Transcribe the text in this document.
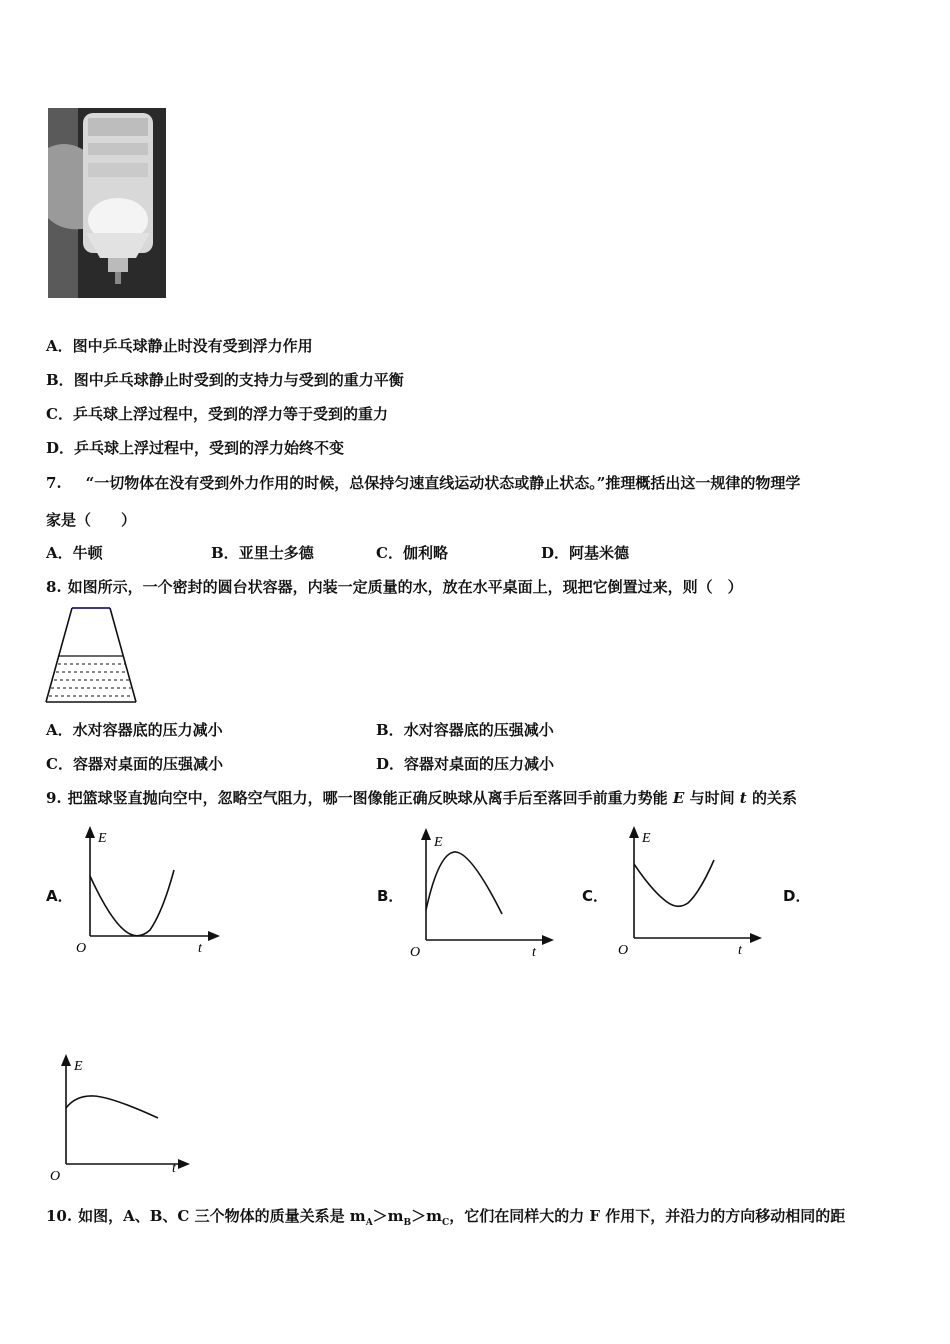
A．图中乒乓球静止时没有受到浮力作用
B．图中乒乓球静止时受到的支持力与受到的重力平衡
C．乒乓球上浮过程中，受到的浮力等于受到的重力
D．乒乓球上浮过程中，受到的浮力始终不变
7. “一切物体在没有受到外力作用的时候，总保持匀速直线运动状态或静止状态。”推理概括出这一规律的物理学
家是（　　）
A．牛顿	B．亚里士多德	C．伽利略	D．阿基米德
8. 如图所示，一个密封的圆台状容器，内装一定质量的水，放在水平桌面上，现把它倒置过来，则（　）
A．水对容器底的压力减小	B．水对容器底的压强减小
C．容器对桌面的压强减小	D．容器对桌面的压力减小
9. 把篮球竖直抛向空中，忽略空气阻力，哪一图像能正确反映球从离手后至落回手前重力势能 E 与时间 t 的关系
A．	B．	C．	D．
E
O	t
E
O	t
E
O	t
E
O
t
10. 如图，A、B、C 三个物体的质量关系是 $m_A>m_B>m_C$，它们在同样大的力 F 作用下，并沿力的方向移动相同的距
